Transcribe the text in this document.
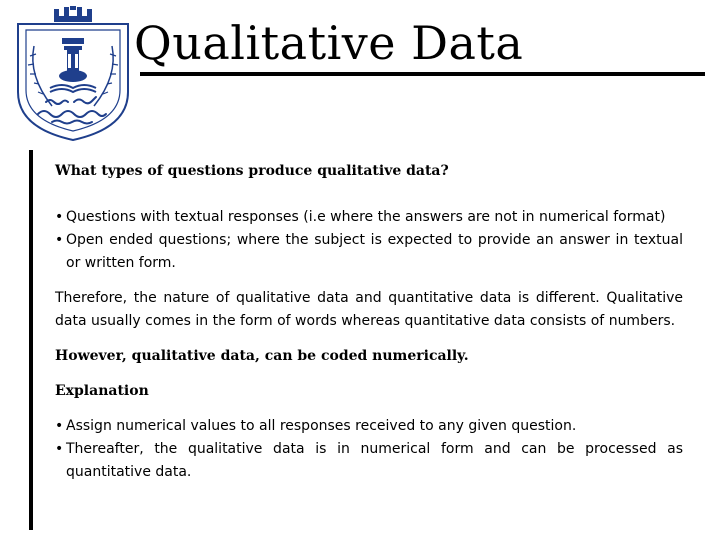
Qualitative Data

What types of questions produce qualitative data?

• Questions with textual responses (i.e where the answers are not in numerical format)
• Open ended questions; where the subject is expected to provide an answer in textual or written form.

Therefore, the nature of qualitative data and quantitative data is different. Qualitative data usually comes in the form of words whereas quantitative data consists of numbers.

However, qualitative data, can be coded numerically.

Explanation

• Assign numerical values to all responses received to any given question.
• Thereafter, the qualitative data is in numerical form and can be processed as quantitative data.
